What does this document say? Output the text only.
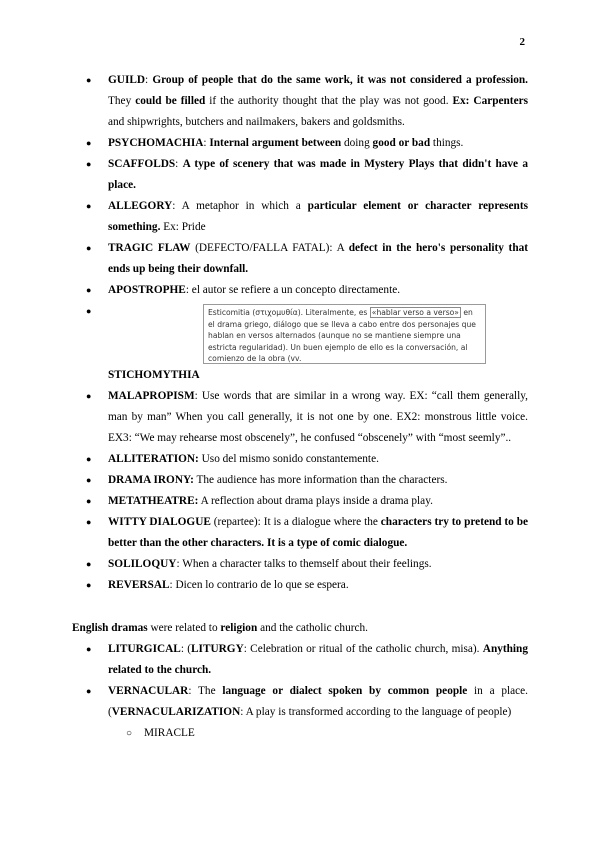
2
● GUILD: Group of people that do the same work, it was not considered a profession. They could be filled if the authority thought that the play was not good. Ex: Carpenters and shipwrights, butchers and nailmakers, bakers and goldsmiths.
● PSYCHOMACHIA: Internal argument between doing good or bad things.
● SCAFFOLDS: A type of scenery that was made in Mystery Plays that didn't have a place.
● ALLEGORY: A metaphor in which a particular element or character represents something. Ex: Pride
● TRAGIC FLAW (DEFECTO/FALLA FATAL): A defect in the hero's personality that ends up being their downfall.
● APOSTROPHE: el autor se refiere a un concepto directamente.
● STICHOMYTHIA
● MALAPROPISM: Use words that are similar in a wrong way. EX: “call them generally, man by man” When you call generally, it is not one by one. EX2: monstrous little voice. EX3: “We may rehearse most obscenely”, he confused “obscenely” with “most seemly”..
● ALLITERATION: Uso del mismo sonido constantemente.
● DRAMA IRONY: The audience has more information than the characters.
● METATHEATRE: A reflection about drama plays inside a drama play.
● WITTY DIALOGUE (repartee): It is a dialogue where the characters try to pretend to be better than the other characters. It is a type of comic dialogue.
● SOLILOQUY: When a character talks to themself about their feelings.
● REVERSAL: Dicen lo contrario de lo que se espera.

English dramas were related to religion and the catholic church.

● LITURGICAL: (LITURGY: Celebration or ritual of the catholic church, misa). Anything related to the church.
● VERNACULAR: The language or dialect spoken by common people in a place. (VERNACULARIZATION: A play is transformed according to the language of people)
○ MIRACLE
Esticomitia (στιχομυθία). Literalmente, es «hablar verso a verso» en el drama griego, diálogo que se lleva a cabo entre dos personajes que hablan en versos alternados (aunque no se mantiene siempre una estricta regularidad). Un buen ejemplo de ello es la conversación, al comienzo de la obra (vv.
